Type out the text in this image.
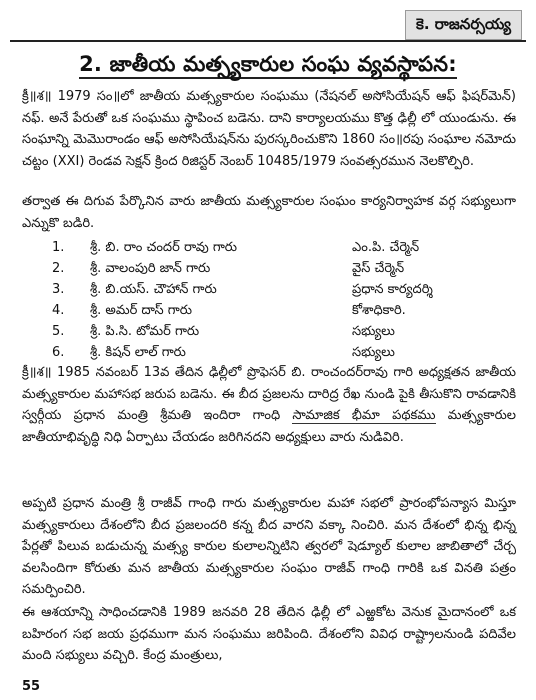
కె. రాజనర్సయ్య
2. జాతీయ మత్స్యకారుల సంఘ వ్యవస్థాపన:
క్రీ॥శ॥ 1979 సం॥లో జాతీయ మత్స్యకారుల సంఘము (నేషనల్ అసోసియేషన్ ఆఫ్ ఫిషర్‌మెన్) నఫ్. అనే పేరుతో ఒక సంఘము స్థాపించ బడెను. దాని కార్యాలయము కొత్త ఢిల్లీ లో యుండును. ఈ సంఘాన్ని మెమొరాండం ఆఫ్ అసోసియేషన్‌ను పురస్కరించుకొని 1860 సం॥రపు సంఘాల నమోదు చట్టం (XXI) రెండవ సెక్షన్ క్రింద రిజిస్టర్ నెంబర్ 10485/1979 సంవత్సరమున నెలకొల్పిరి.
తర్వాత ఈ దిగువ పేర్కొనిన వారు జాతీయ మత్స్యకారుల సంఘం కార్యనిర్వాహక వర్గ సభ్యులుగా ఎన్నుకొ బడిరి.
1.	శ్రీ. బి. రాం చందర్ రావు గారు	ఎం.పి. చేర్మెన్
2.	శ్రీ. వాలంపురి జాన్ గారు	వైస్ చేర్మెన్
3.	శ్రీ. బి.యస్. చౌహాన్ గారు	ప్రధాన కార్యదర్శి
4.	శ్రీ. అమర్ దాస్ గారు	కోశాధికారి.
5.	శ్రీ. పి.సి. టోమర్ గారు	సభ్యులు
6.	శ్రీ. కిషన్ లాల్ గారు	సభ్యులు
క్రీ॥శ॥ 1985 నవంబర్ 13వ తేదిన ఢిల్లీలో ప్రొఫెసర్ బి. రాంచందర్‌రావు గారి అధ్యక్షతన జాతీయ మత్స్యకారుల మహాసభ జరుప బడెను. ఈ బీద ప్రజలను దారిద్ర రేఖ నుండి పైకి తీసుకొని రావడానికి స్వర్గీయ ప్రధాన మంత్రి శ్రీమతి ఇందిరా గాంధి సామాజిక భీమా పథకము మత్స్యకారుల జాతీయాభివృద్ధి నిధి ఏర్పాటు చేయడం జరిగినదని అధ్యక్షులు వారు నుడివిరి.
అప్పటి ప్రధాన మంత్రి శ్రీ రాజీవ్ గాంధి గారు మత్స్యకారుల మహా సభలో ప్రారంభోపన్యాస మిస్తూ మత్స్యకారులు దేశంలోని బీద ప్రజలందరి కన్న బీద వారని వక్కా నించిరి. మన దేశంలో భిన్న భిన్న పేర్లతో పిలువ బడుచున్న మత్స్య కారుల కులాలన్నిటిని త్వరలో షెడ్యూల్ కులాల జాబితాలో చేర్చ వలసిందిగా కోరుతు మన జాతీయ మత్స్యకారుల సంఘం రాజీవ్ గాంధి గారికి ఒక వినతి పత్రం సమర్పించిరి.
ఈ ఆశయాన్ని సాధించడానికి 1989 జనవరి 28 తేదిన ఢిల్లీ లో ఎఱ్ఱకోట వెనుక మైదానంలో ఒక బహిరంగ సభ జయ ప్రధముగా మన సంఘము జరిపింది. దేశంలోని వివిధ రాష్ట్రాలనుండి పదివేల మంది సభ్యులు వచ్చిరి. కేంద్ర మంత్రులు,
55
